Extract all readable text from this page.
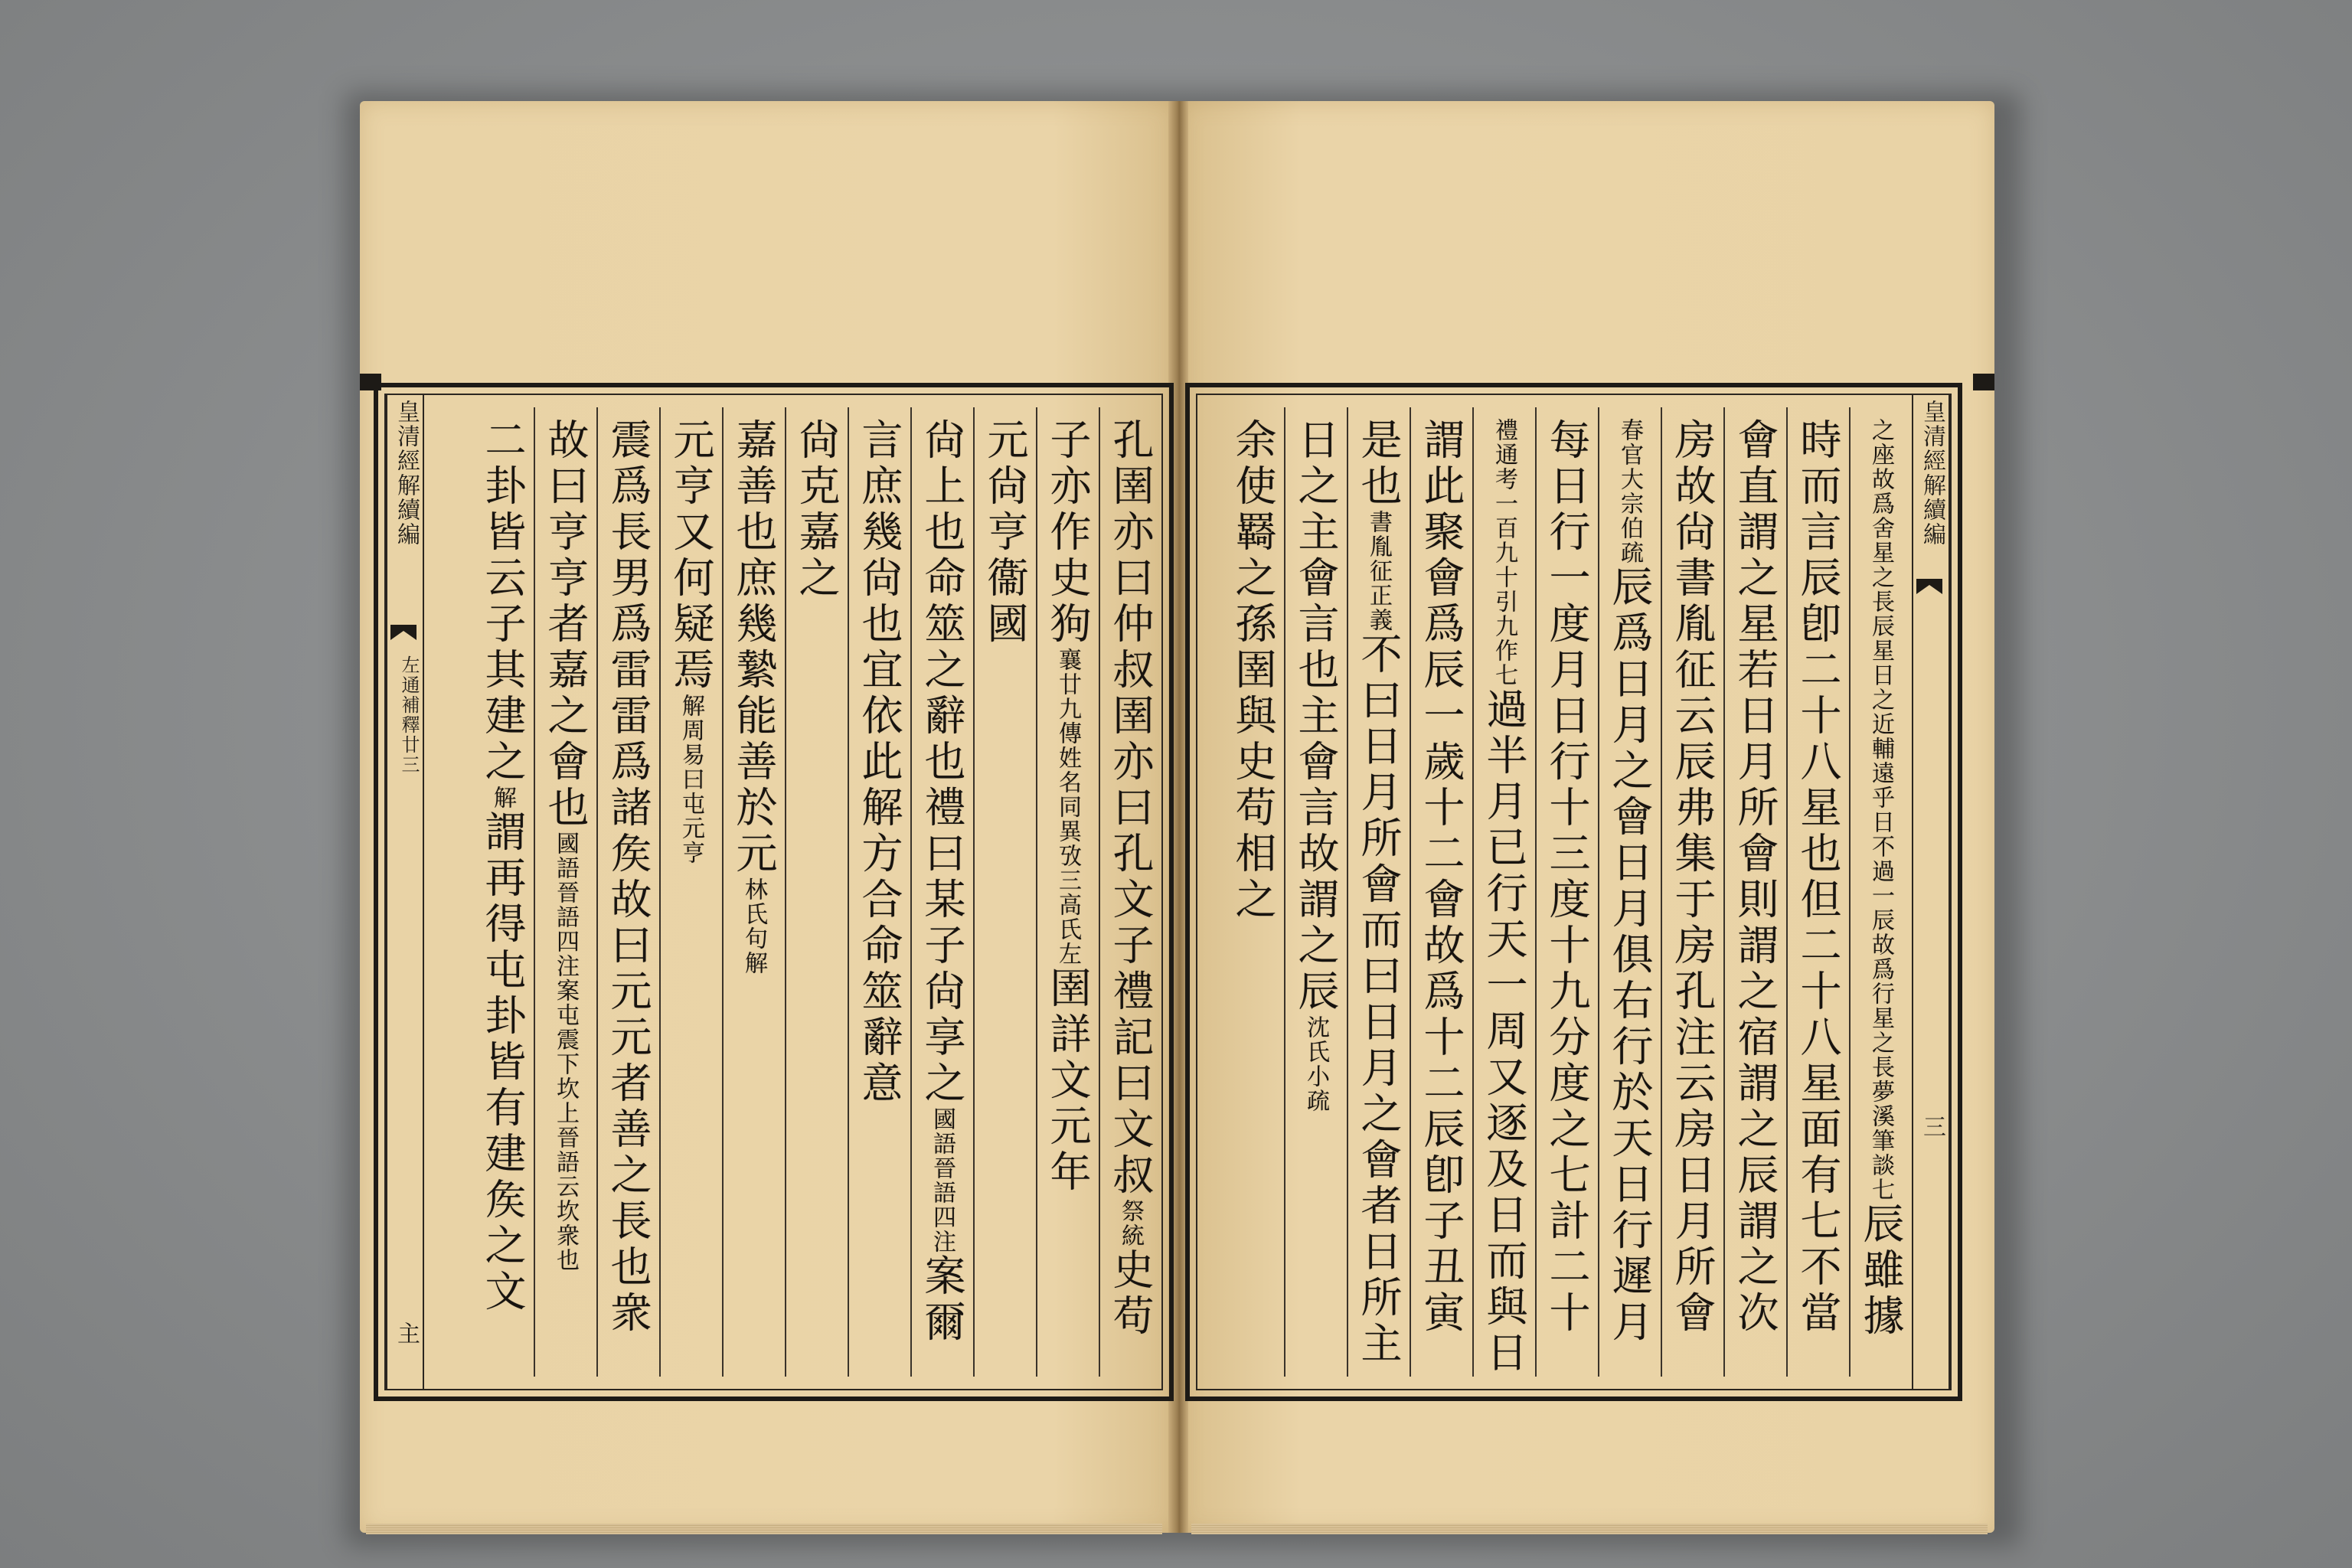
皇清經解續編
左通補釋廿三
主
孔圉亦曰仲叔圉亦曰孔文子禮記曰文叔祭統史苟
子亦作史狗襄廿九傳姓名同異攷三高氏左圉詳文元年
元尙亨衞國
尙上也命筮之辭也禮曰某子尙享之國語晉語四注案爾
言庶幾尙也宜依此解方合命筮辭意
尙克嘉之
嘉善也庶幾縶能善於元林氏句解
元亨又何疑焉解周易曰屯元亨
震爲長男爲雷雷爲諸矦故曰元元者善之長也衆
故曰亨亨者嘉之會也國語晉語四注案屯震下坎上晉語云坎衆也
二卦皆云子其建之解謂再得屯卦皆有建矦之文
皇清經解續編
三
之座故爲舍星之長辰星日之近輔遠乎日不過一辰故爲行星之長夢溪筆談七辰雖據
時而言辰卽二十八星也但二十八星面有七不當
會直謂之星若日月所會則謂之宿謂之辰謂之次
房故尙書胤征云辰弗集于房孔注云房日月所會
春官大宗伯疏辰爲日月之會日月俱右行於天日行遲月
每日行一度月日行十三度十九分度之七計二十
禮通考一百九十引九作七過半月已行天一周又逐及日而與日
謂此聚會爲辰一歲十二會故爲十二辰卽子丑寅
是也書胤征正義不曰日月所會而曰日月之會者日所主
日之主會言也主會言故謂之辰沈氏小疏
余使羇之孫圉與史苟相之
